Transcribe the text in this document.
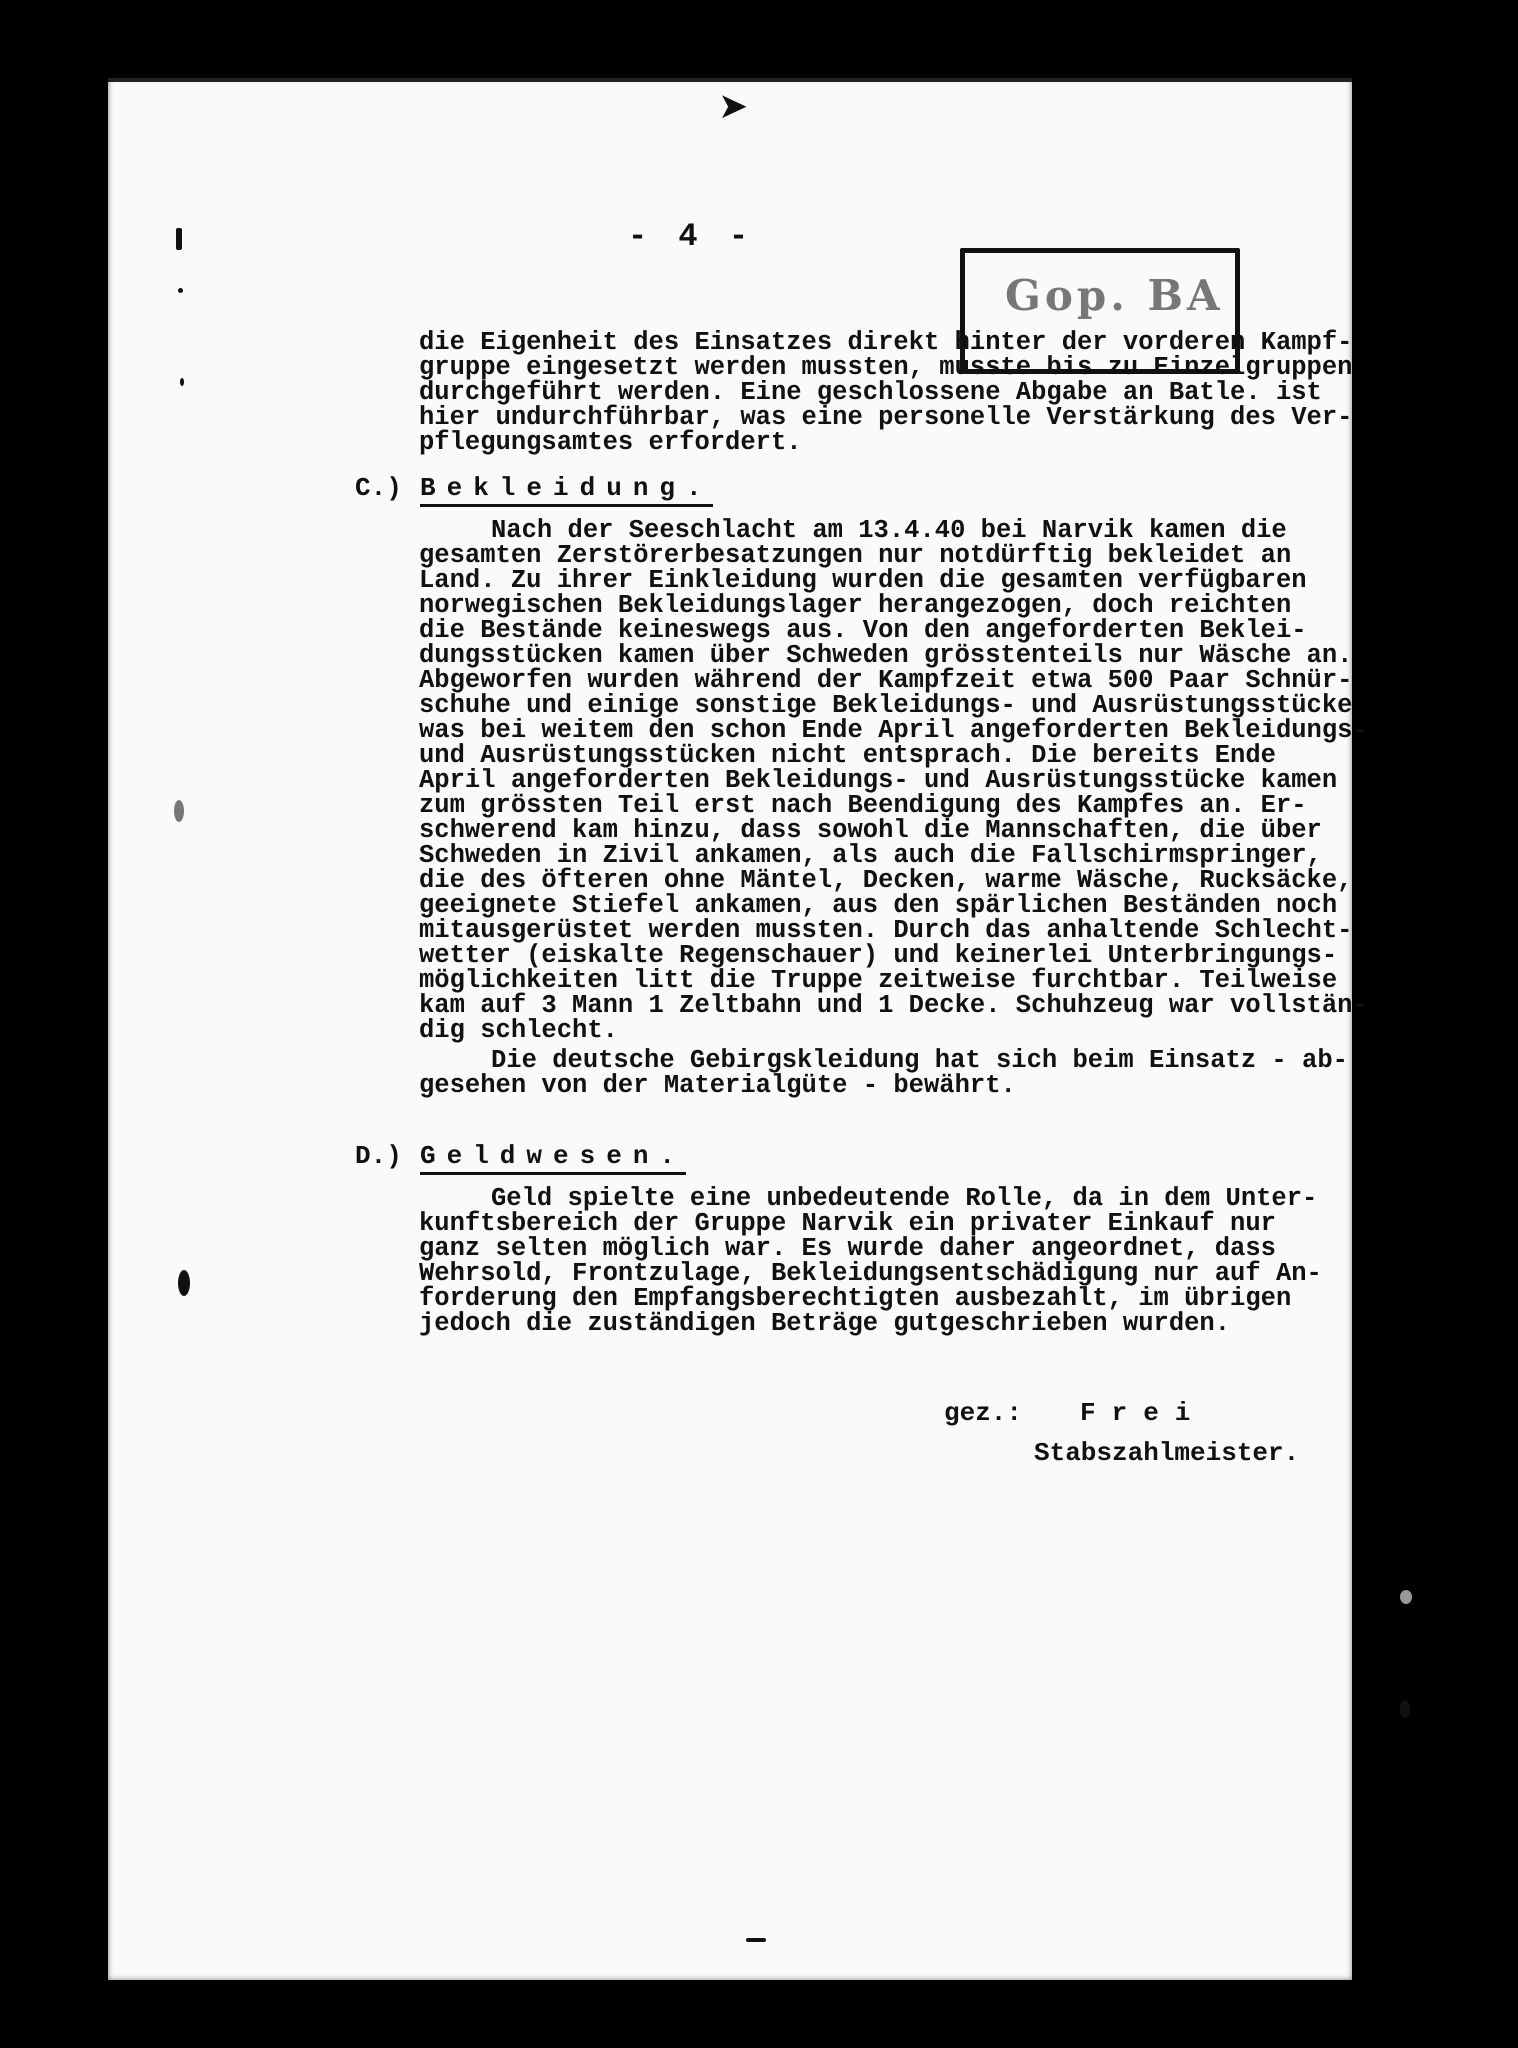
➤
- 4 -
Gop. BA
die Eigenheit des Einsatzes direkt hinter der vorderen Kampf-
gruppe eingesetzt werden mussten, musste bis zu Einzelgruppen
durchgeführt werden. Eine geschlossene Abgabe an Batle. ist
hier undurchführbar, was eine personelle Verstärkung des Ver-
pflegungsamtes erfordert.
C.) Bekleidung.
Nach der Seeschlacht am 13.4.40 bei Narvik kamen die
gesamten Zerstörerbesatzungen nur notdürftig bekleidet an
Land. Zu ihrer Einkleidung wurden die gesamten verfügbaren
norwegischen Bekleidungslager herangezogen, doch reichten
die Bestände keineswegs aus. Von den angeforderten Beklei-
dungsstücken kamen über Schweden grösstenteils nur Wäsche an.
Abgeworfen wurden während der Kampfzeit etwa 500 Paar Schnür-
schuhe und einige sonstige Bekleidungs- und Ausrüstungsstücke
was bei weitem den schon Ende April angeforderten Bekleidungs-
und Ausrüstungsstücken nicht entsprach. Die bereits Ende
April angeforderten Bekleidungs- und Ausrüstungsstücke kamen
zum grössten Teil erst nach Beendigung des Kampfes an. Er-
schwerend kam hinzu, dass sowohl die Mannschaften, die über
Schweden in Zivil ankamen, als auch die Fallschirmspringer,
die des öfteren ohne Mäntel, Decken, warme Wäsche, Rucksäcke,
geeignete Stiefel ankamen, aus den spärlichen Beständen noch
mitausgerüstet werden mussten. Durch das anhaltende Schlecht-
wetter (eiskalte Regenschauer) und keinerlei Unterbringungs-
möglichkeiten litt die Truppe zeitweise furchtbar. Teilweise
kam auf 3 Mann 1 Zeltbahn und 1 Decke. Schuhzeug war vollstän-
dig schlecht.
Die deutsche Gebirgskleidung hat sich beim Einsatz - ab-
gesehen von der Materialgüte - bewährt.
D.) Geldwesen.
Geld spielte eine unbedeutende Rolle, da in dem Unter-
kunftsbereich der Gruppe Narvik ein privater Einkauf nur
ganz selten möglich war. Es wurde daher angeordnet, dass
Wehrsold, Frontzulage, Bekleidungsentschädigung nur auf An-
forderung den Empfangsberechtigten ausbezahlt, im übrigen
jedoch die zuständigen Beträge gutgeschrieben wurden.
gez.: Frei
Stabszahlmeister.
